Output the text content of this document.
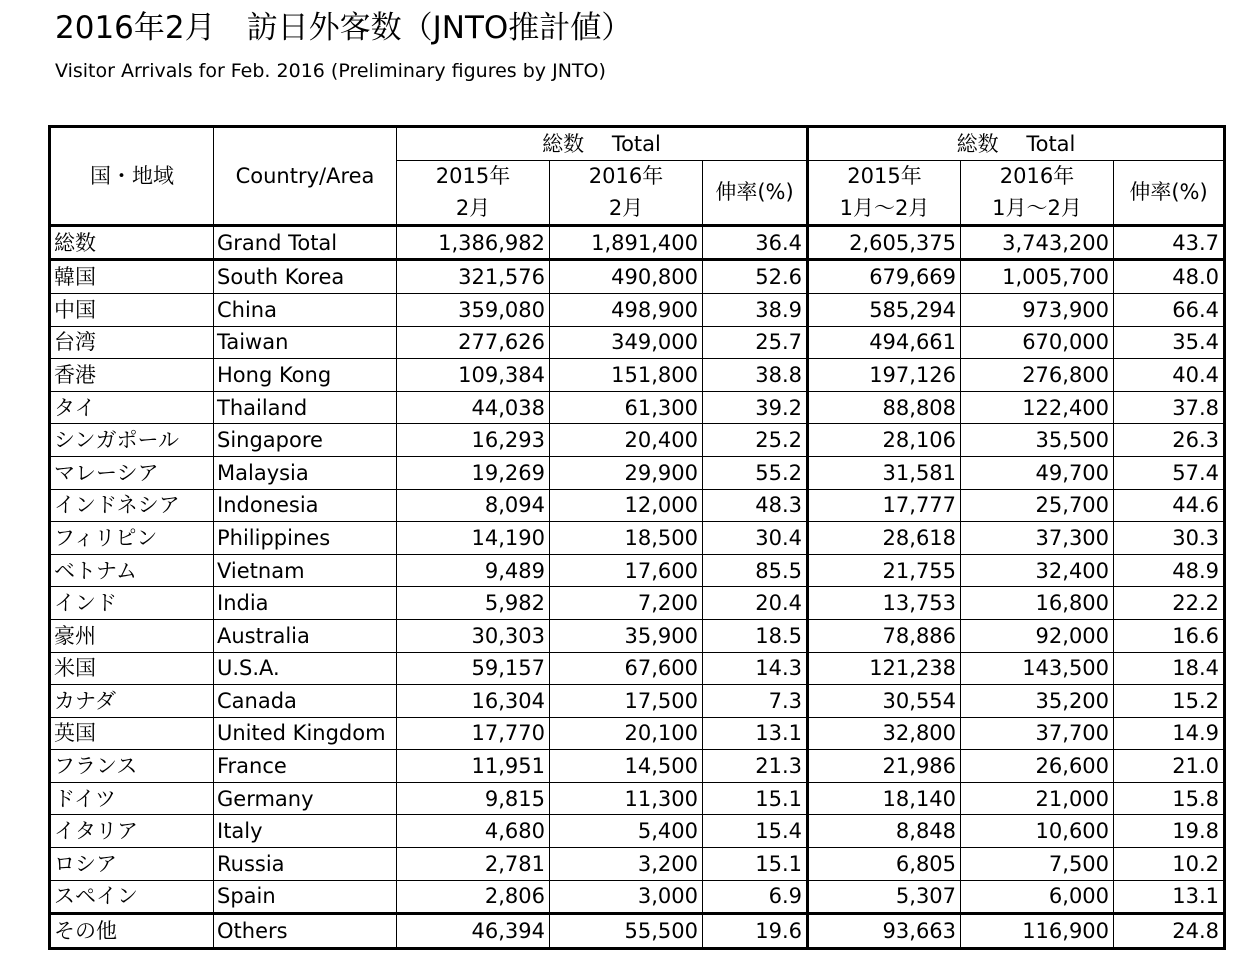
2016年2月　訪日外客数（JNTO推計値）
Visitor Arrivals for Feb. 2016 (Preliminary figures by JNTO)
国・地域	Country/Area	総数　 Total			総数　 Total		
		2015年	2016年	伸率(%)	2015年	2016年	伸率(%)
		2月	2月		1月～2月	1月～2月	
総数	Grand Total	1,386,982	1,891,400	36.4	2,605,375	3,743,200	43.7
韓国	South Korea	321,576	490,800	52.6	679,669	1,005,700	48.0
中国	China	359,080	498,900	38.9	585,294	973,900	66.4
台湾	Taiwan	277,626	349,000	25.7	494,661	670,000	35.4
香港	Hong Kong	109,384	151,800	38.8	197,126	276,800	40.4
タイ	Thailand	44,038	61,300	39.2	88,808	122,400	37.8
シンガポール	Singapore	16,293	20,400	25.2	28,106	35,500	26.3
マレーシア	Malaysia	19,269	29,900	55.2	31,581	49,700	57.4
インドネシア	Indonesia	8,094	12,000	48.3	17,777	25,700	44.6
フィリピン	Philippines	14,190	18,500	30.4	28,618	37,300	30.3
ベトナム	Vietnam	9,489	17,600	85.5	21,755	32,400	48.9
インド	India	5,982	7,200	20.4	13,753	16,800	22.2
豪州	Australia	30,303	35,900	18.5	78,886	92,000	16.6
米国	U.S.A.	59,157	67,600	14.3	121,238	143,500	18.4
カナダ	Canada	16,304	17,500	7.3	30,554	35,200	15.2
英国	United Kingdom	17,770	20,100	13.1	32,800	37,700	14.9
フランス	France	11,951	14,500	21.3	21,986	26,600	21.0
ドイツ	Germany	9,815	11,300	15.1	18,140	21,000	15.8
イタリア	Italy	4,680	5,400	15.4	8,848	10,600	19.8
ロシア	Russia	2,781	3,200	15.1	6,805	7,500	10.2
スペイン	Spain	2,806	3,000	6.9	5,307	6,000	13.1
その他	Others	46,394	55,500	19.6	93,663	116,900	24.8
